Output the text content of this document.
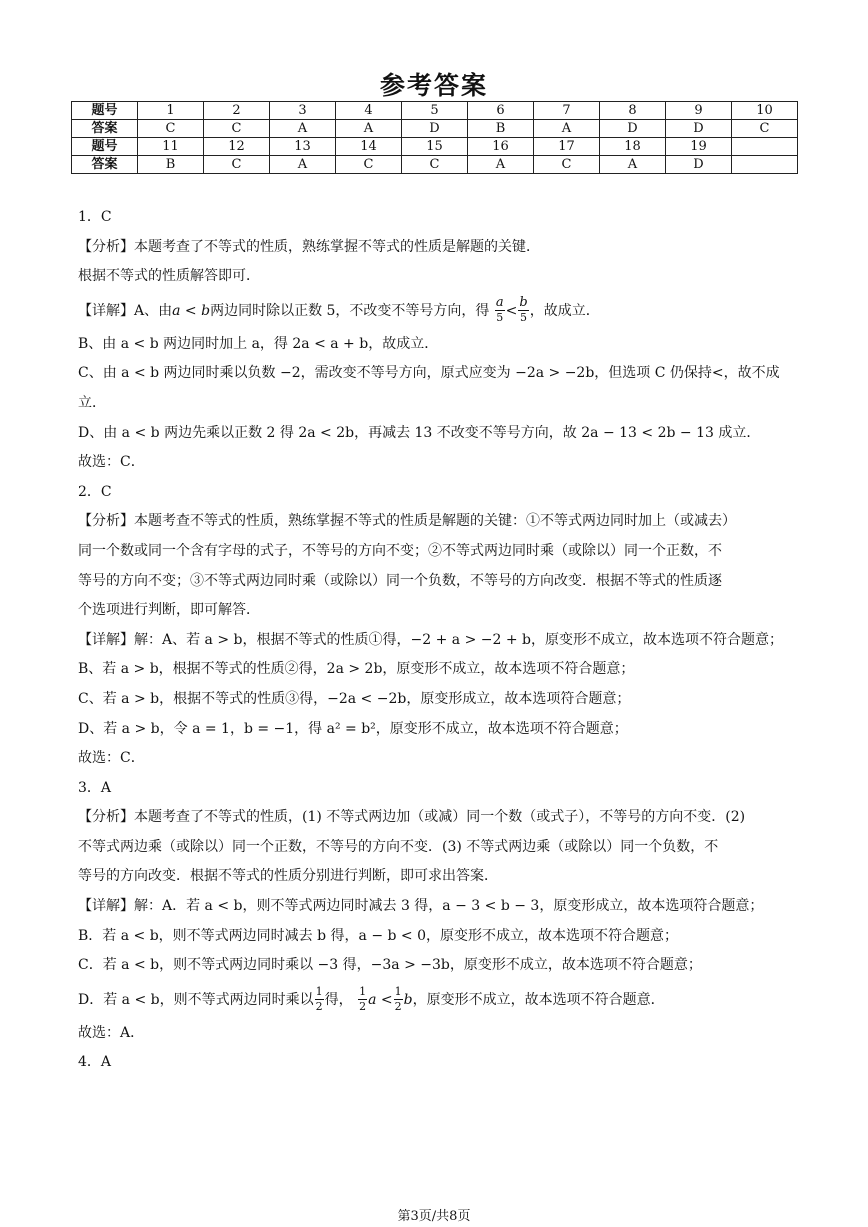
参考答案
题号	1	2	3	4	5	6	7	8	9	10
答案	C	C	A	A	D	B	A	D	D	C
题号	11	12	13	14	15	16	17	18	19	
答案	B	C	A	C	C	A	C	A	D	
1．C
【分析】本题考查了不等式的性质，熟练掌握不等式的性质是解题的关键．
根据不等式的性质解答即可．
【详解】A、由a < b两边同时除以正数 5，不改变不等号方向，得 $\frac{a}{5} < \frac{b}{5}$ ，故成立．
B、由 a < b 两边同时加上 a，得 2a < a + b，故成立．
C、由 a < b 两边同时乘以负数 −2，需改变不等号方向，原式应变为 −2a > −2b，但选项 C 仍保持<，故不成
立．
D、由 a < b 两边先乘以正数 2 得 2a < 2b，再减去 13 不改变不等号方向，故 2a − 13 < 2b − 13 成立．
故选：C．
2．C
【分析】本题考查不等式的性质，熟练掌握不等式的性质是解题的关键：①不等式两边同时加上（或减去）
同一个数或同一个含有字母的式子，不等号的方向不变；②不等式两边同时乘（或除以）同一个正数，不
等号的方向不变；③不等式两边同时乘（或除以）同一个负数，不等号的方向改变．根据不等式的性质逐
个选项进行判断，即可解答．
【详解】解：A、若 a > b，根据不等式的性质①得，−2 + a > −2 + b，原变形不成立，故本选项不符合题意；
B、若 a > b，根据不等式的性质②得，2a > 2b，原变形不成立，故本选项不符合题意；
C、若 a > b，根据不等式的性质③得，−2a < −2b，原变形成立，故本选项符合题意；
D、若 a > b，令 a = 1，b = −1，得 a² = b²，原变形不成立，故本选项不符合题意；
故选：C．
3．A
【分析】本题考查了不等式的性质，(1) 不等式两边加（或减）同一个数（或式子），不等号的方向不变．(2)
不等式两边乘（或除以）同一个正数，不等号的方向不变．(3) 不等式两边乘（或除以）同一个负数，不
等号的方向改变．根据不等式的性质分别进行判断，即可求出答案．
【详解】解：A．若 a < b，则不等式两边同时减去 3 得，a − 3 < b − 3，原变形成立，故本选项符合题意；
B．若 a < b，则不等式两边同时减去 b 得，a − b < 0，原变形不成立，故本选项不符合题意；
C．若 a < b，则不等式两边同时乘以 −3 得，−3a > −3b，原变形不成立，故本选项不符合题意；
D．若 a < b，则不等式两边同时乘以 $\frac{1}{2}$ 得， $\frac{1}{2}$ $a < \frac{1}{2}$ b，原变形不成立，故本选项不符合题意．
故选：A．
4．A
第3页/共8页
